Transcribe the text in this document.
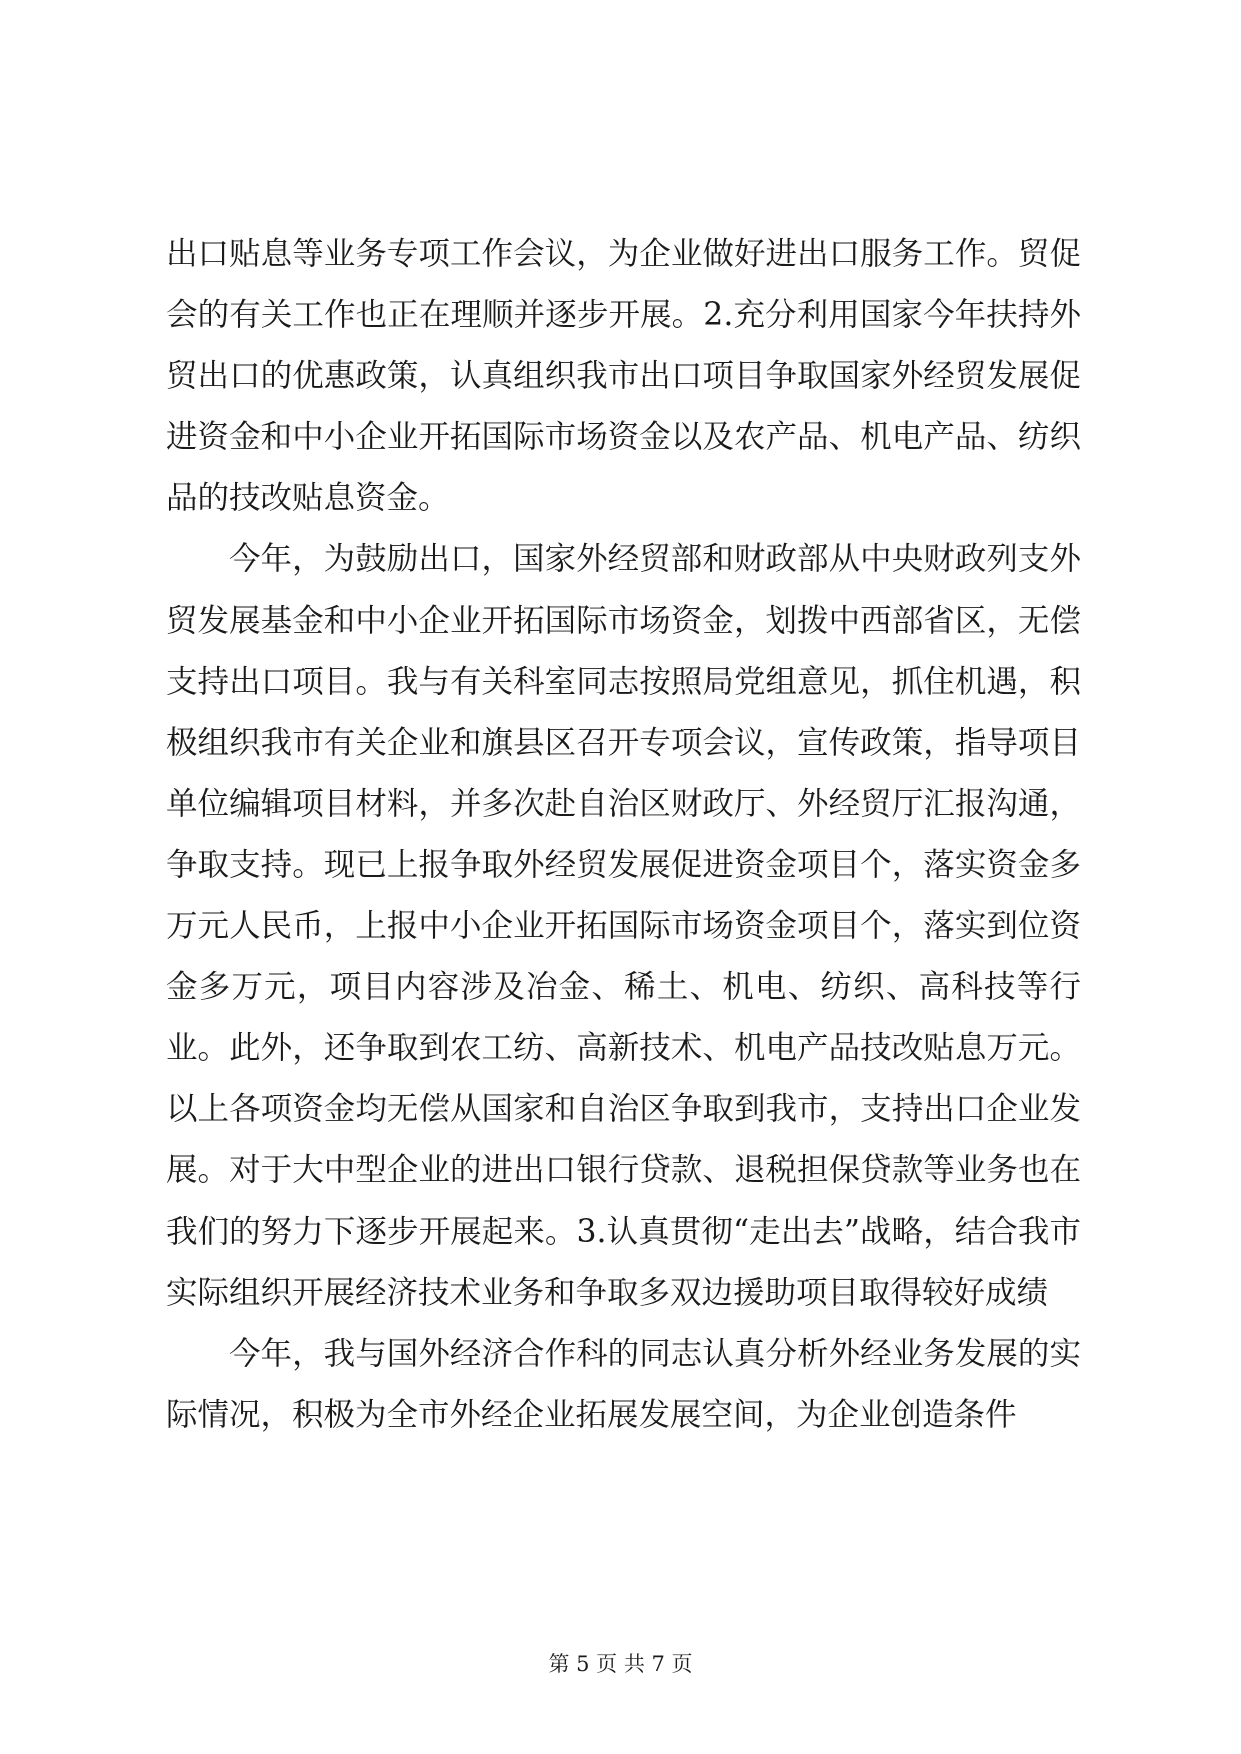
出口贴息等业务专项工作会议，为企业做好进出口服务工作。贸促会的有关工作也正在理顺并逐步开展。2.充分利用国家今年扶持外贸出口的优惠政策，认真组织我市出口项目争取国家外经贸发展促进资金和中小企业开拓国际市场资金以及农产品、机电产品、纺织品的技改贴息资金。

今年，为鼓励出口，国家外经贸部和财政部从中央财政列支外贸发展基金和中小企业开拓国际市场资金，划拨中西部省区，无偿支持出口项目。我与有关科室同志按照局党组意见，抓住机遇，积极组织我市有关企业和旗县区召开专项会议，宣传政策，指导项目单位编辑项目材料，并多次赴自治区财政厅、外经贸厅汇报沟通，争取支持。现已上报争取外经贸发展促进资金项目个，落实资金多万元人民币，上报中小企业开拓国际市场资金项目个，落实到位资金多万元，项目内容涉及冶金、稀土、机电、纺织、高科技等行业。此外，还争取到农工纺、高新技术、机电产品技改贴息万元。以上各项资金均无偿从国家和自治区争取到我市，支持出口企业发展。对于大中型企业的进出口银行贷款、退税担保贷款等业务也在我们的努力下逐步开展起来。3.认真贯彻“走出去”战略，结合我市实际组织开展经济技术业务和争取多双边援助项目取得较好成绩

今年，我与国外经济合作科的同志认真分析外经业务发展的实际情况，积极为全市外经企业拓展发展空间，为企业创造条件

第 5 页 共 7 页
